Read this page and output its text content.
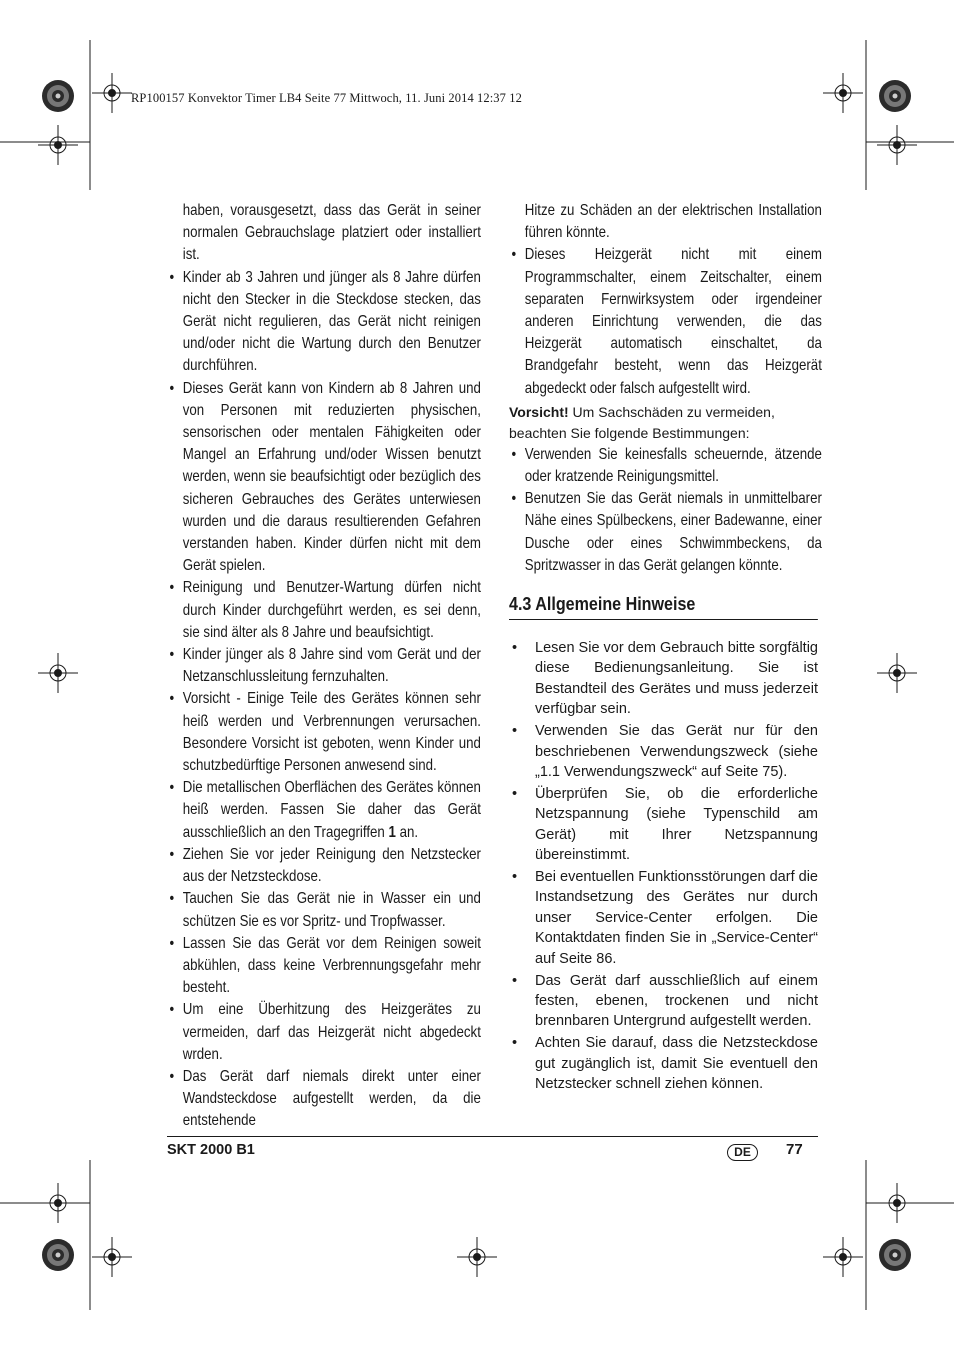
RP100157 Konvektor Timer LB4 Seite 77 Mittwoch, 11. Juni 2014 12:37 12

haben, vorausgesetzt, dass das Gerät in seiner normalen Gebrauchslage platziert oder installiert ist.

• Kinder ab 3 Jahren und jünger als 8 Jahre dürfen nicht den Stecker in die Steckdose stecken, das Gerät nicht regulieren, das Gerät nicht reinigen und/oder nicht die Wartung durch den Benutzer durchführen.
• Dieses Gerät kann von Kindern ab 8 Jahren und von Personen mit reduzierten physischen, sensorischen oder mentalen Fähigkeiten oder Mangel an Erfahrung und/oder Wissen benutzt werden, wenn sie beaufsichtigt oder bezüglich des sicheren Gebrauches des Gerätes unterwiesen wurden und die daraus resultierenden Gefahren verstanden haben. Kinder dürfen nicht mit dem Gerät spielen.
• Reinigung und Benutzer-Wartung dürfen nicht durch Kinder durchgeführt werden, es sei denn, sie sind älter als 8 Jahre und beaufsichtigt.
• Kinder jünger als 8 Jahre sind vom Gerät und der Netzanschlussleitung fernzuhalten.
• Vorsicht - Einige Teile des Gerätes können sehr heiß werden und Verbrennungen verursachen. Besondere Vorsicht ist geboten, wenn Kinder und schutzbedürftige Personen anwesend sind.
• Die metallischen Oberflächen des Gerätes können heiß werden. Fassen Sie daher das Gerät ausschließlich an den Tragegriffen 1 an.
• Ziehen Sie vor jeder Reinigung den Netzstecker aus der Netzsteckdose.
• Tauchen Sie das Gerät nie in Wasser ein und schützen Sie es vor Spritz- und Tropfwasser.
• Lassen Sie das Gerät vor dem Reinigen soweit abkühlen, dass keine Verbrennungsgefahr mehr besteht.
• Um eine Überhitzung des Heizgerätes zu vermeiden, darf das Heizgerät nicht abgedeckt wrden.
• Das Gerät darf niemals direkt unter einer Wandsteckdose aufgestellt werden, da die entstehende

Hitze zu Schäden an der elektrischen Installation führen könnte.

• Dieses Heizgerät nicht mit einem Programmschalter, einem Zeitschalter, einem separaten Fernwirksystem oder irgendeiner anderen Einrichtung verwenden, die das Heizgerät automatisch einschaltet, da Brandgefahr besteht, wenn das Heizgerät abgedeckt oder falsch aufgestellt wird.

Vorsicht! Um Sachschäden zu vermeiden, beachten Sie folgende Bestimmungen:

• Verwenden Sie keinesfalls scheuernde, ätzende oder kratzende Reinigungsmittel.
• Benutzen Sie das Gerät niemals in unmittelbarer Nähe eines Spülbeckens, einer Badewanne, einer Dusche oder eines Schwimmbeckens, da Spritzwasser in das Gerät gelangen könnte.
4.3 Allgemeine Hinweise
• Lesen Sie vor dem Gebrauch bitte sorgfältig diese Bedienungsanleitung. Sie ist Bestandteil des Gerätes und muss jederzeit verfügbar sein.
• Verwenden Sie das Gerät nur für den beschriebenen Verwendungszweck (siehe „1.1 Verwendungszweck“ auf Seite 75).
• Überprüfen Sie, ob die erforderliche Netzspannung (siehe Typenschild am Gerät) mit Ihrer Netzspannung übereinstimmt.
• Bei eventuellen Funktionsstörungen darf die Instandsetzung des Gerätes nur durch unser Service-Center erfolgen. Die Kontaktdaten finden Sie in „Service-Center“ auf Seite 86.
• Das Gerät darf ausschließlich auf einem festen, ebenen, trockenen und nicht brennbaren Untergrund aufgestellt werden.
• Achten Sie darauf, dass die Netzsteckdose gut zugänglich ist, damit Sie eventuell den Netzstecker schnell ziehen können.
SKT 2000 B1	DE	77
